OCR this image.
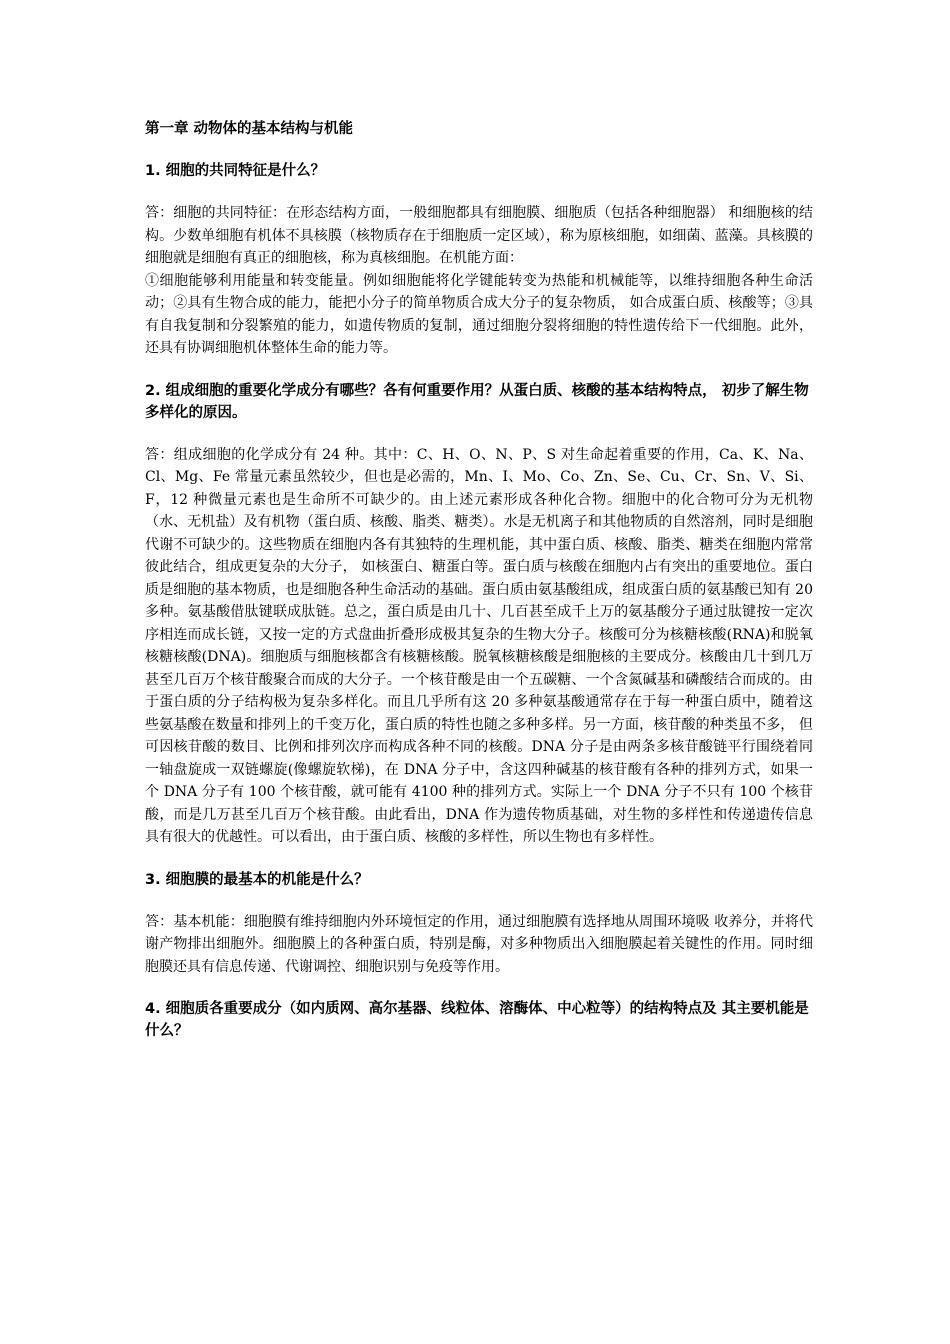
第一章 动物体的基本结构与机能

1. 细胞的共同特征是什么？

答：细胞的共同特征：在形态结构方面，一般细胞都具有细胞膜、细胞质（包括各种细胞器） 和细胞核的结构。少数单细胞有机体不具核膜（核物质存在于细胞质一定区域），称为原核细胞，如细菌、蓝藻。具核膜的细胞就是细胞有真正的细胞核，称为真核细胞。在机能方面：
①细胞能够利用能量和转变能量。例如细胞能将化学键能转变为热能和机械能等，以维持细胞各种生命活动；②具有生物合成的能力，能把小分子的简单物质合成大分子的复杂物质， 如合成蛋白质、核酸等；③具有自我复制和分裂繁殖的能力，如遗传物质的复制，通过细胞分裂将细胞的特性遗传给下一代细胞。此外，还具有协调细胞机体整体生命的能力等。

2. 组成细胞的重要化学成分有哪些？各有何重要作用？从蛋白质、核酸的基本结构特点， 初步了解生物多样化的原因。

答：组成细胞的化学成分有 24 种。其中：C、H、O、N、P、S 对生命起着重要的作用，Ca、K、Na、Cl、Mg、Fe 常量元素虽然较少，但也是必需的，Mn、I、Mo、Co、Zn、Se、Cu、Cr、Sn、V、Si、F，12 种微量元素也是生命所不可缺少的。由上述元素形成各种化合物。细胞中的化合物可分为无机物（水、无机盐）及有机物（蛋白质、核酸、脂类、糖类）。水是无机离子和其他物质的自然溶剂，同时是细胞代谢不可缺少的。这些物质在细胞内各有其独特的生理机能，其中蛋白质、核酸、脂类、糖类在细胞内常常彼此结合，组成更复杂的大分子， 如核蛋白、糖蛋白等。蛋白质与核酸在细胞内占有突出的重要地位。蛋白质是细胞的基本物质，也是细胞各种生命活动的基础。蛋白质由氨基酸组成，组成蛋白质的氨基酸已知有 20 多种。氨基酸借肽键联成肽链。总之，蛋白质是由几十、几百甚至成千上万的氨基酸分子通过肽键按一定次序相连而成长链，又按一定的方式盘曲折叠形成极其复杂的生物大分子。核酸可分为核糖核酸(RNA)和脱氧核糖核酸(DNA)。细胞质与细胞核都含有核糖核酸。脱氧核糖核酸是细胞核的主要成分。核酸由几十到几万甚至几百万个核苷酸聚合而成的大分子。一个核苷酸是由一个五碳糖、一个含氮碱基和磷酸结合而成的。由于蛋白质的分子结构极为复杂多样化。而且几乎所有这 20 多种氨基酸通常存在于每一种蛋白质中，随着这些氨基酸在数量和排列上的千变万化，蛋白质的特性也随之多种多样。另一方面，核苷酸的种类虽不多， 但可因核苷酸的数目、比例和排列次序而构成各种不同的核酸。DNA 分子是由两条多核苷酸链平行围绕着同一轴盘旋成一双链螺旋(像螺旋软梯)，在 DNA 分子中，含这四种碱基的核苷酸有各种的排列方式，如果一个 DNA 分子有 100 个核苷酸，就可能有 4100 种的排列方式。实际上一个 DNA 分子不只有 100 个核苷酸，而是几万甚至几百万个核苷酸。由此看出，DNA 作为遗传物质基础，对生物的多样性和传递遗传信息具有很大的优越性。可以看出，由于蛋白质、核酸的多样性，所以生物也有多样性。

3. 细胞膜的最基本的机能是什么？

答：基本机能：细胞膜有维持细胞内外环境恒定的作用，通过细胞膜有选择地从周围环境吸 收养分，并将代谢产物排出细胞外。细胞膜上的各种蛋白质，特别是酶，对多种物质出入细胞膜起着关键性的作用。同时细胞膜还具有信息传递、代谢调控、细胞识别与免疫等作用。

4. 细胞质各重要成分（如内质网、高尔基器、线粒体、溶酶体、中心粒等）的结构特点及 其主要机能是什么？
